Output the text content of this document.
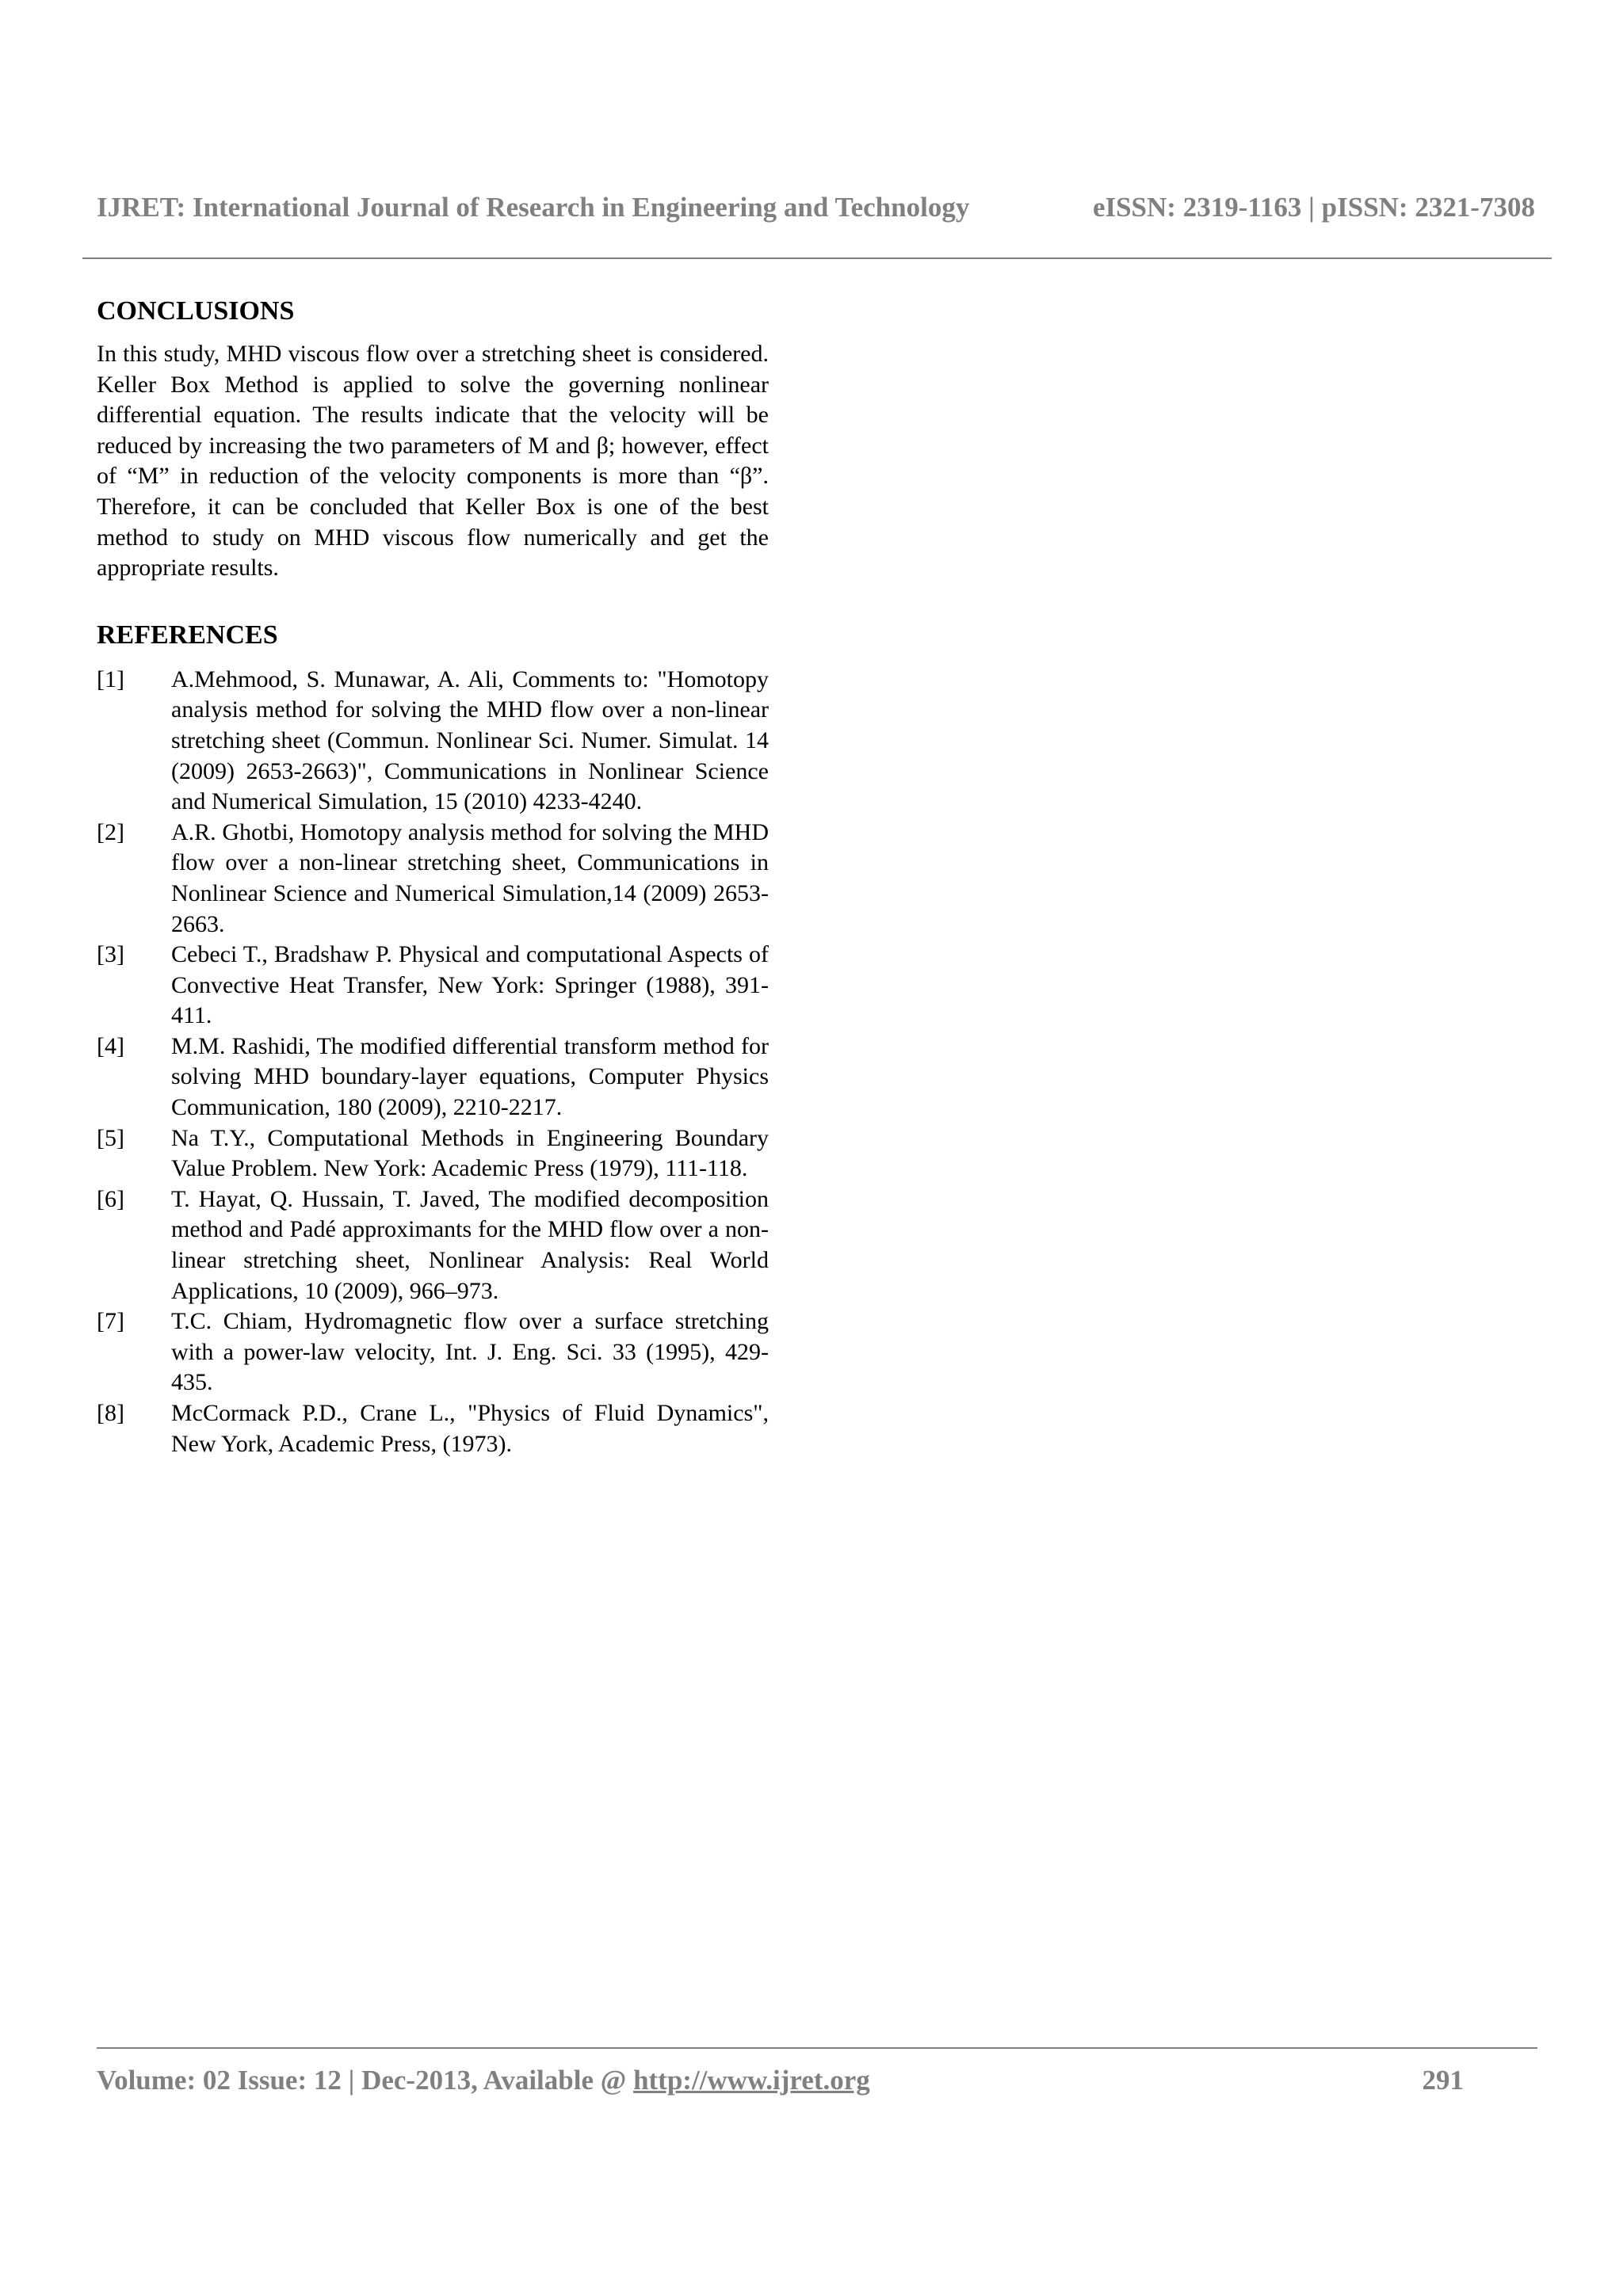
IJRET: International Journal of Research in Engineering and Technology	eISSN: 2319-1163 | pISSN: 2321-7308
CONCLUSIONS

In this study, MHD viscous flow over a stretching sheet is considered. Keller Box Method is applied to solve the governing nonlinear differential equation. The results indicate that the velocity will be reduced by increasing the two parameters of M and β; however, effect of “M” in reduction of the velocity components is more than “β”. Therefore, it can be concluded that Keller Box is one of the best method to study on MHD viscous flow numerically and get the appropriate results.

REFERENCES
[1]	A.Mehmood, S. Munawar, A. Ali, Comments to: "Homotopy analysis method for solving the MHD flow over a non-linear stretching sheet (Commun. Nonlinear Sci. Numer. Simulat. 14 (2009) 2653-2663)", Communications in Nonlinear Science and Numerical Simulation, 15 (2010) 4233-4240.
[2]	A.R. Ghotbi, Homotopy analysis method for solving the MHD flow over a non-linear stretching sheet, Communications in Nonlinear Science and Numerical Simulation,14 (2009) 2653-2663.
[3]	Cebeci T., Bradshaw P. Physical and computational Aspects of Convective Heat Transfer, New York: Springer (1988), 391-411.
[4]	M.M. Rashidi, The modified differential transform method for solving MHD boundary-layer equations, Computer Physics Communication, 180 (2009), 2210-2217.
[5]	Na T.Y., Computational Methods in Engineering Boundary Value Problem. New York: Academic Press (1979), 111-118.
[6]	T. Hayat, Q. Hussain, T. Javed, The modified decomposition method and Padé approximants for the MHD flow over a non-linear stretching sheet, Nonlinear Analysis: Real World Applications, 10 (2009), 966–973.
[7]	T.C. Chiam, Hydromagnetic flow over a surface stretching with a power-law velocity, Int. J. Eng. Sci. 33 (1995), 429-435.
[8]	McCormack P.D., Crane L., "Physics of Fluid Dynamics", New York, Academic Press, (1973).
Volume: 02 Issue: 12 | Dec-2013, Available @ http://www.ijret.org	291
